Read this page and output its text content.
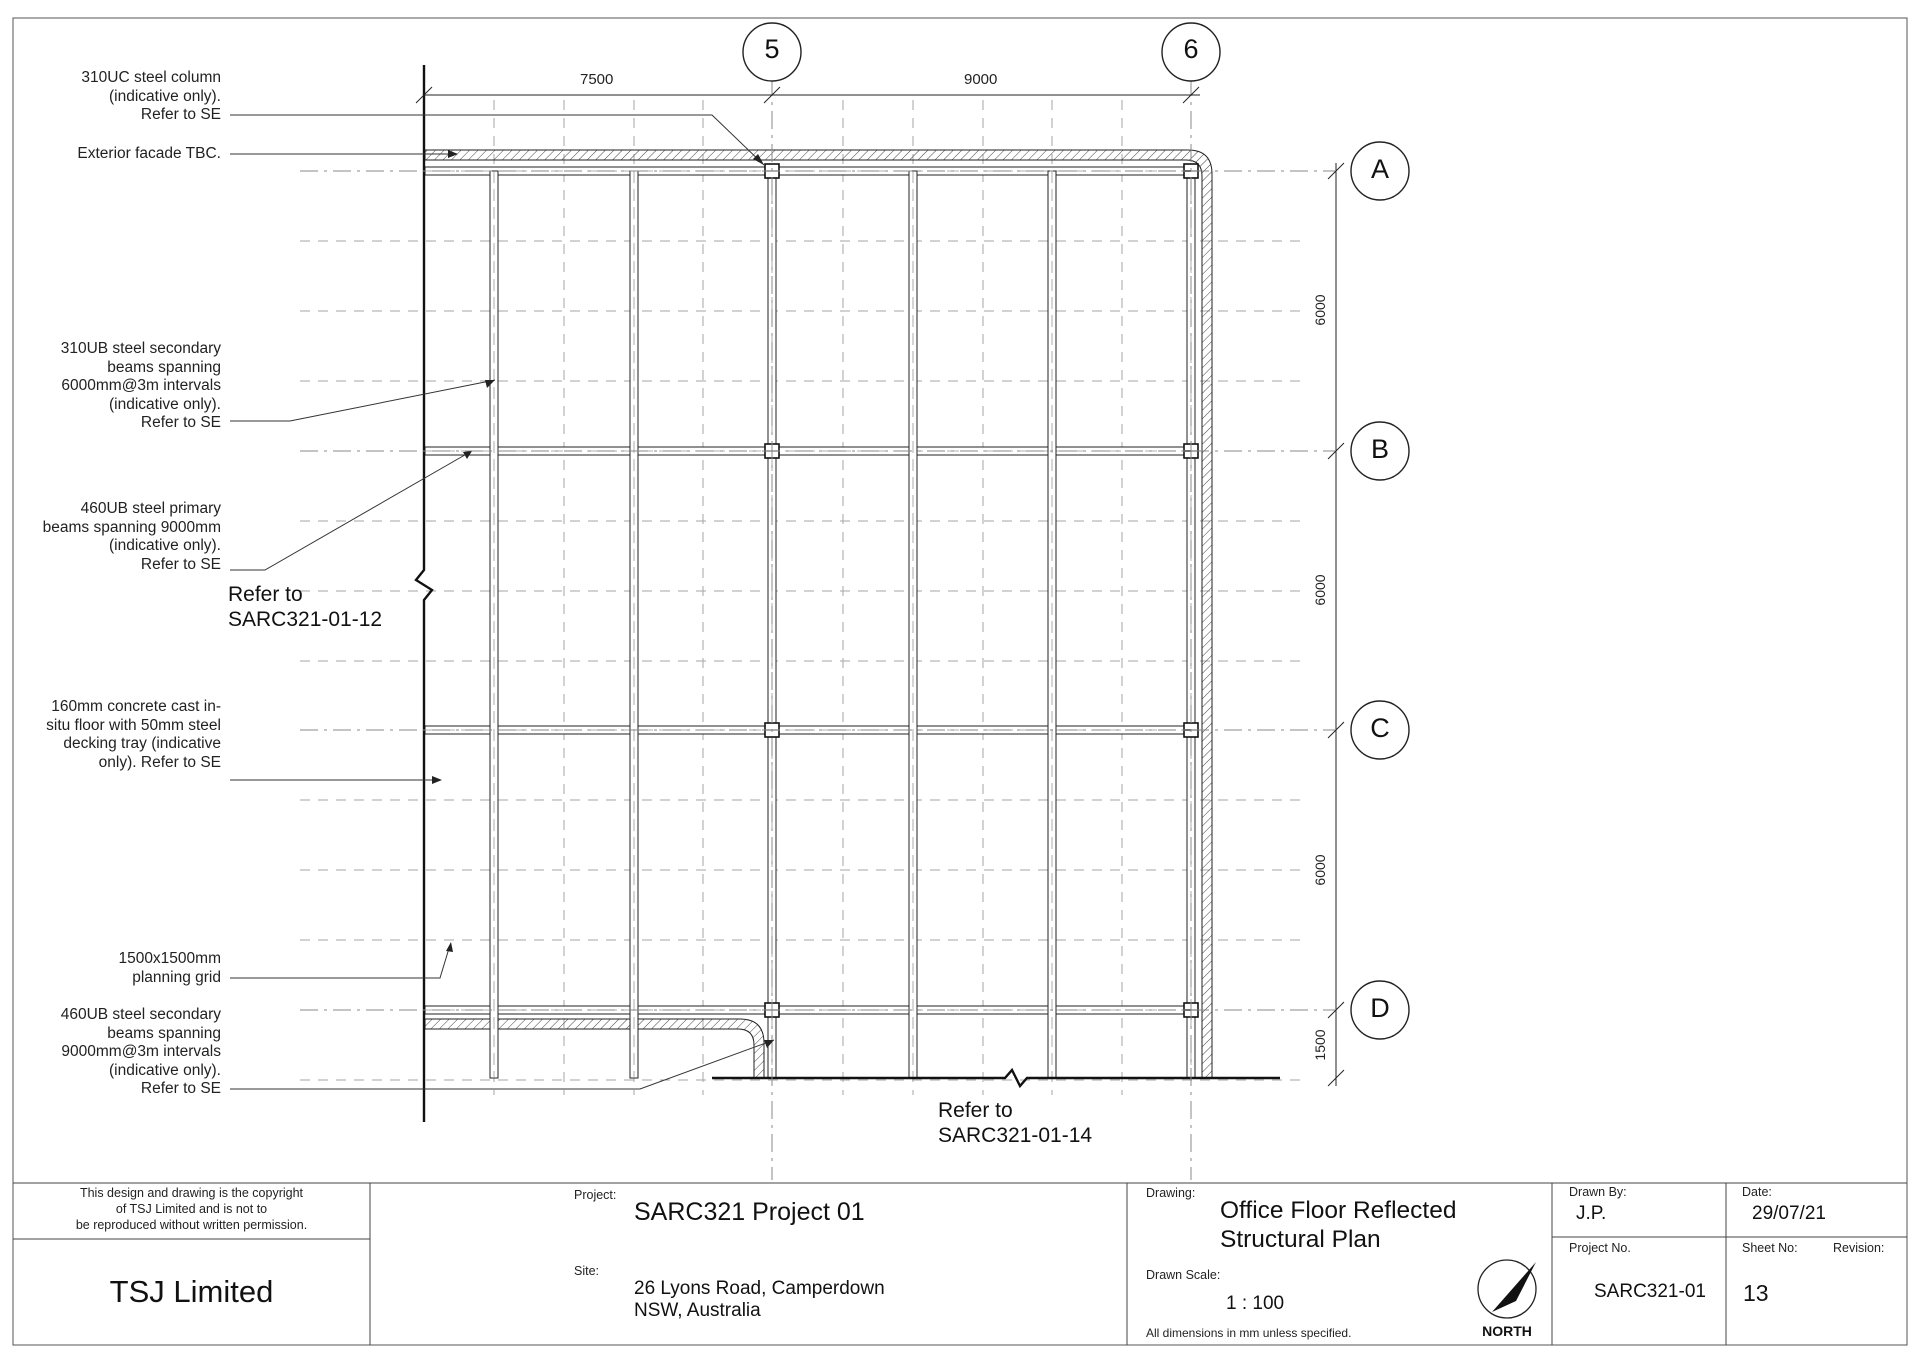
5	6
A
B
C
D
7500	9000
6000
6000
6000
1500
310UC steel column
(indicative only).
Refer to SE
Exterior facade TBC.
310UB steel secondary
beams spanning
6000mm@3m intervals
(indicative only).
Refer to SE
460UB steel primary
beams spanning 9000mm
(indicative only).
Refer to SE
160mm concrete cast in-
situ floor with 50mm steel
decking tray (indicative
only). Refer to SE
1500x1500mm
planning grid
460UB steel secondary
beams spanning
9000mm@3m intervals
(indicative only).
Refer to SE
Refer to
SARC321-01-12
Refer to
SARC321-01-14
This design and drawing is the copyright
of TSJ Limited and is not to
be reproduced without written permission.
TSJ Limited
Project:
SARC321 Project 01
Site:
26 Lyons Road, Camperdown
NSW, Australia
Drawing:
Office Floor Reflected
Structural Plan
Drawn Scale:
1 : 100
All dimensions in mm unless specified.	NORTH
Drawn By:
J.P.
Date:
29/07/21
Project No.
SARC321-01
Sheet No:
13
Revision:
